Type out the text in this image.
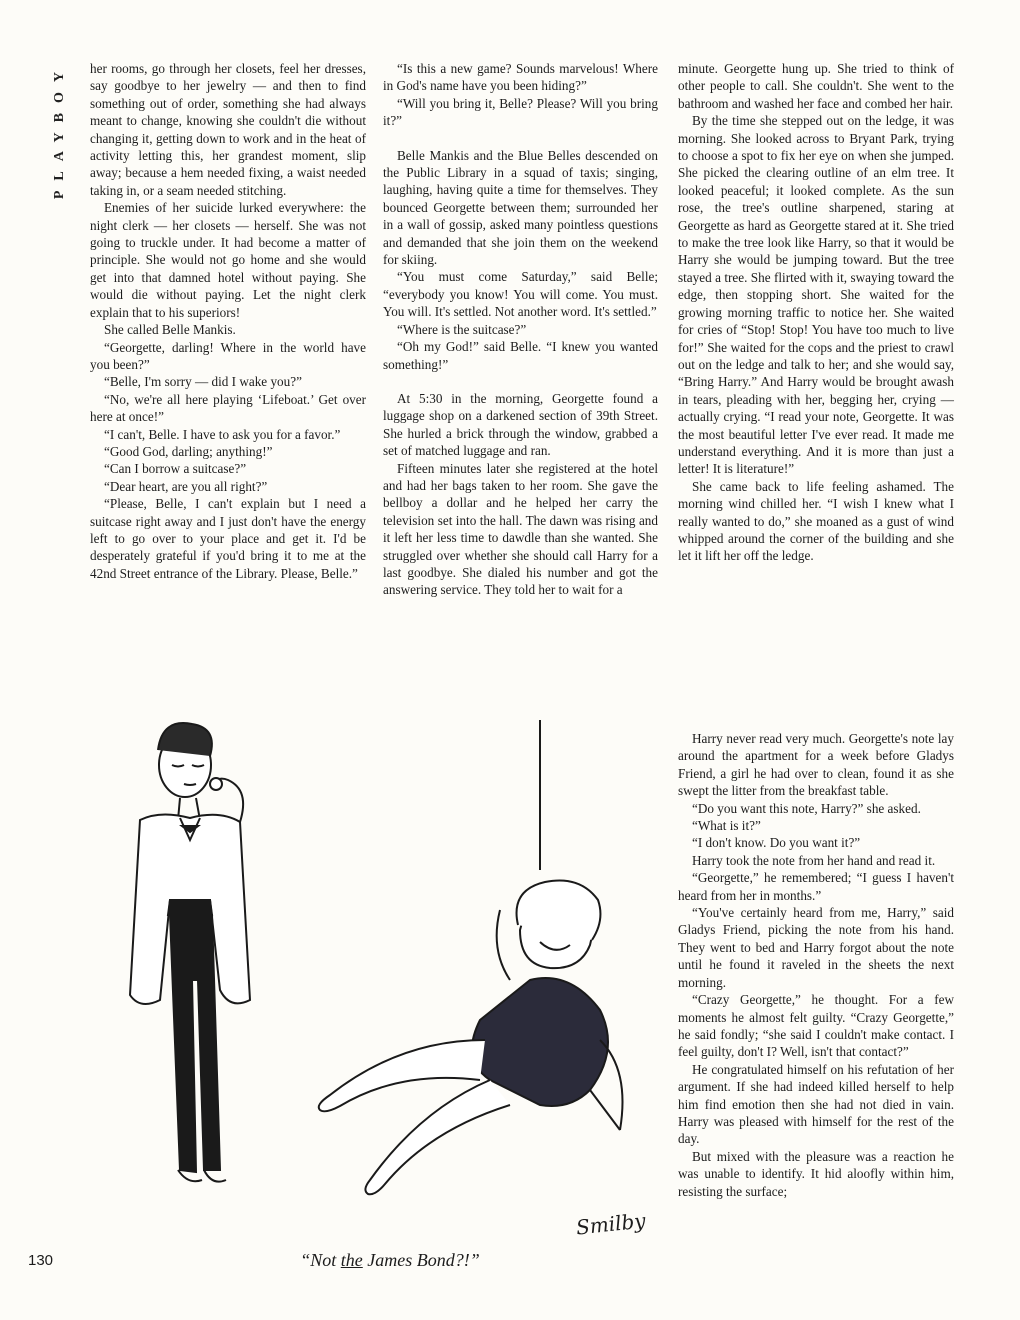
PLAYBOY	her rooms, go through her closets, feel her dresses, say goodbye to her jewelry — and then to find something out of order, something she had always meant to change, knowing she couldn't die without changing it, getting down to work and in the heat of activity letting this, her grandest moment, slip away; because a hem needed fixing, a waist needed taking in, or a seam needed stitching.

Enemies of her suicide lurked everywhere: the night clerk — her closets — herself. She was not going to truckle under. It had become a matter of principle. She would not go home and she would get into that damned hotel without paying. She would die without paying. Let the night clerk explain that to his superiors!

She called Belle Mankis.

“Georgette, darling! Where in the world have you been?”

“Belle, I'm sorry — did I wake you?”

“No, we're all here playing ‘Lifeboat.’ Get over here at once!”

“I can't, Belle. I have to ask you for a favor.”

“Good God, darling; anything!”

“Can I borrow a suitcase?”

“Dear heart, are you all right?”

“Please, Belle, I can't explain but I need a suitcase right away and I just don't have the energy left to go over to your place and get it. I'd be desperately grateful if you'd bring it to me at the 42nd Street entrance of the Library. Please, Belle.”

“Is this a new game? Sounds marvelous! Where in God's name have you been hiding?”

“Will you bring it, Belle? Please? Will you bring it?”

Belle Mankis and the Blue Belles descended on the Public Library in a squad of taxis; singing, laughing, having quite a time for themselves. They bounced Georgette between them; surrounded her in a wall of gossip, asked many pointless questions and demanded that she join them on the weekend for skiing.

“You must come Saturday,” said Belle; “everybody you know! You will come. You must. You will. It's settled. Not another word. It's settled.”

“Where is the suitcase?”

“Oh my God!” said Belle. “I knew you wanted something!”

At 5:30 in the morning, Georgette found a luggage shop on a darkened section of 39th Street. She hurled a brick through the window, grabbed a set of matched luggage and ran.

Fifteen minutes later she registered at the hotel and had her bags taken to her room. She gave the bellboy a dollar and he helped her carry the television set into the hall. The dawn was rising and it left her less time to dawdle than she wanted. She struggled over whether she should call Harry for a last goodbye. She dialed his number and got the answering service. They told her to wait for a

minute. Georgette hung up. She tried to think of other people to call. She couldn't. She went to the bathroom and washed her face and combed her hair.

By the time she stepped out on the ledge, it was morning. She looked across to Bryant Park, trying to choose a spot to fix her eye on when she jumped. She picked the clearing outline of an elm tree. It looked peaceful; it looked complete. As the sun rose, the tree's outline sharpened, staring at Georgette as hard as Georgette stared at it. She tried to make the tree look like Harry, so that it would be Harry she would be jumping toward. But the tree stayed a tree. She flirted with it, swaying toward the edge, then stopping short. She waited for the growing morning traffic to notice her. She waited for cries of “Stop! Stop! You have too much to live for!” She waited for the cops and the priest to crawl out on the ledge and talk to her; and she would say, “Bring Harry.” And Harry would be brought awash in tears, pleading with her, begging her, crying — actually crying. “I read your note, Georgette. It was the most beautiful letter I've ever read. It made me understand everything. And it is more than just a letter! It is literature!”

She came back to life feeling ashamed. The morning wind chilled her. “I wish I knew what I really wanted to do,” she moaned as a gust of wind whipped around the corner of the building and she let it lift her off the ledge.

Harry never read very much. Georgette's note lay around the apartment for a week before Gladys Friend, a girl he had over to clean, found it as she swept the litter from the breakfast table.

“Do you want this note, Harry?” she asked.

“What is it?”

“I don't know. Do you want it?”

Harry took the note from her hand and read it.

“Georgette,” he remembered; “I guess I haven't heard from her in months.”

“You've certainly heard from me, Harry,” said Gladys Friend, picking the note from his hand. They went to bed and Harry forgot about the note until he found it raveled in the sheets the next morning.

“Crazy Georgette,” he thought. For a few moments he almost felt guilty. “Crazy Georgette,” he said fondly; “she said I couldn't make contact. I feel guilty, don't I? Well, isn't that contact?”

He congratulated himself on his refutation of her argument. If she had indeed killed herself to help him find emotion then she had not died in vain. Harry was pleased with himself for the rest of the day.

But mixed with the pleasure was a reaction he was unable to identify. It hid aloofly within him, resisting the surface;

Smilby
“Not the James Bond?!”
130
